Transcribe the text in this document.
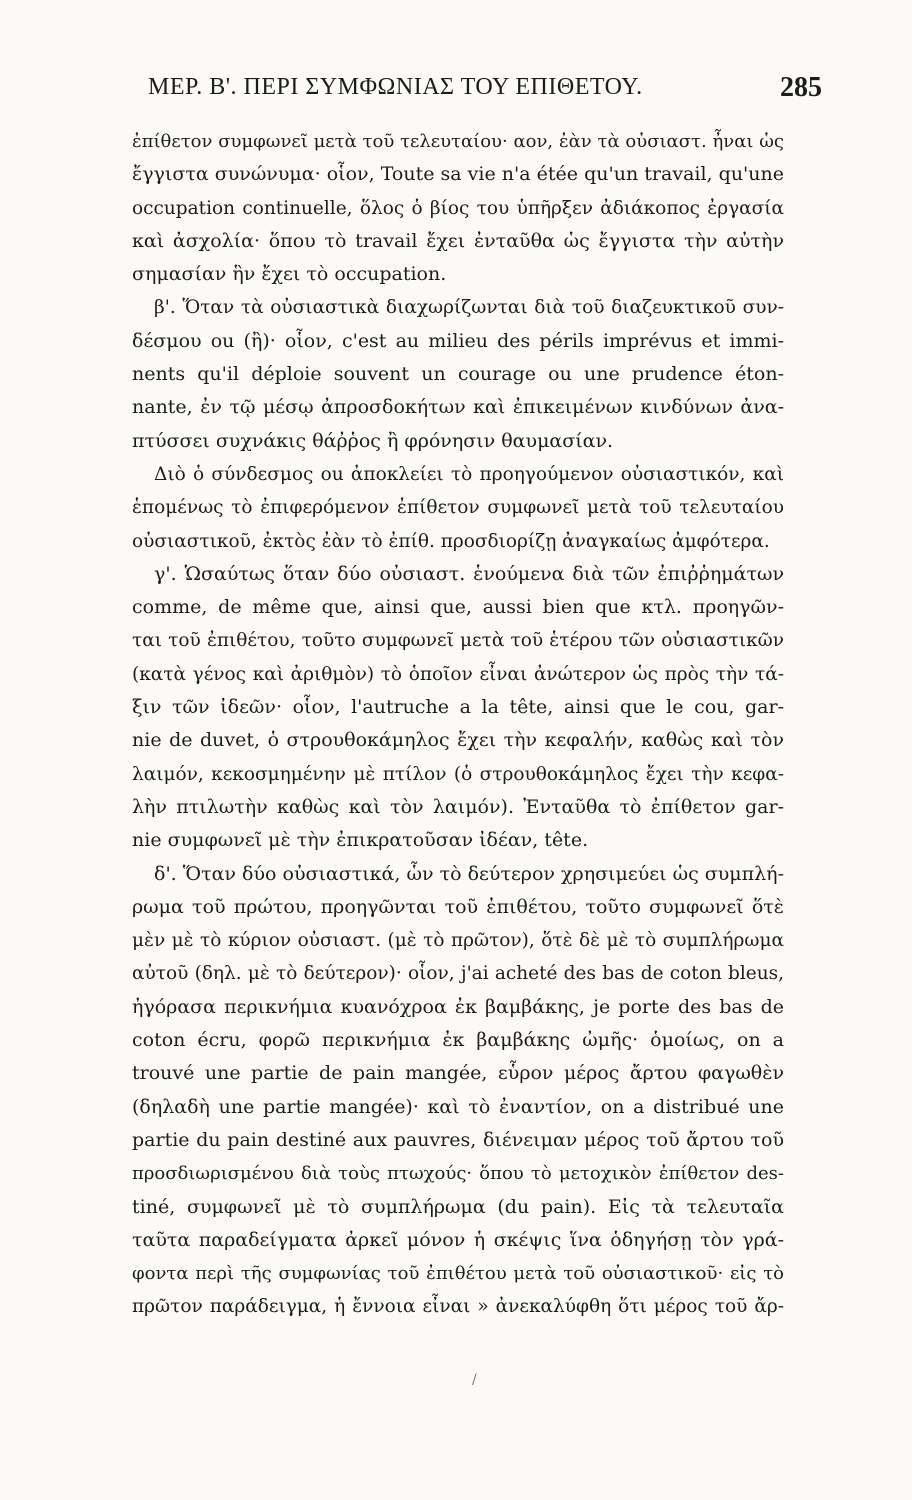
ΜΕΡ. Β'. ΠΕΡΙ ΣΥΜΦΩΝΙΑΣ ΤΟΥ ΕΠΙΘΕΤΟΥ.	285
ἐπίθετον συμφωνεῖ μετὰ τοῦ τελευταίου· αον, ἐὰν τὰ οὐσιαστ. ἦναι ὡς
ἔγγιστα συνώνυμα· οἷον, Toute sa vie n'a étée qu'un travail, qu'une
occupation continuelle, ὅλος ὁ βίος του ὑπῆρξεν ἀδιάκοπος ἐργασία
καὶ ἀσχολία· ὅπου τὸ travail ἔχει ἐνταῦθα ὡς ἔγγιστα τὴν αὐτὴν
σημασίαν ἣν ἔχει τὸ occupation.
β'. Ὅταν τὰ οὐσιαστικὰ διαχωρίζωνται διὰ τοῦ διαζευκτικοῦ συν-
δέσμου ou (ἢ)· οἷον, c'est au milieu des périls imprévus et immi-
nents qu'il déploie souvent un courage ou une prudence éton-
nante, ἐν τῷ μέσῳ ἀπροσδοκήτων καὶ ἐπικειμένων κινδύνων ἀνα-
πτύσσει συχνάκις θάῤῥος ἢ φρόνησιν θαυμασίαν.
Διὸ ὁ σύνδεσμος ou ἀποκλείει τὸ προηγούμενον οὐσιαστικόν, καὶ
ἑπομένως τὸ ἐπιφερόμενον ἐπίθετον συμφωνεῖ μετὰ τοῦ τελευταίου
οὐσιαστικοῦ, ἐκτὸς ἐὰν τὸ ἐπίθ. προσδιορίζῃ ἀναγκαίως ἀμφότερα.
γ'. Ὡσαύτως ὅταν δύο οὐσιαστ. ἑνούμενα διὰ τῶν ἐπιῤῥημάτων
comme, de même que, ainsi que, aussi bien que κτλ. προηγῶν-
ται τοῦ ἐπιθέτου, τοῦτο συμφωνεῖ μετὰ τοῦ ἑτέρου τῶν οὐσιαστικῶν
(κατὰ γένος καὶ ἀριθμὸν) τὸ ὁποῖον εἶναι ἀνώτερον ὡς πρὸς τὴν τά-
ξιν τῶν ἰδεῶν· οἷον, l'autruche a la tête, ainsi que le cou, gar-
nie de duvet, ὁ στρουθοκάμηλος ἔχει τὴν κεφαλήν, καθὼς καὶ τὸν
λαιμόν, κεκοσμημένην μὲ πτίλον (ὁ στρουθοκάμηλος ἔχει τὴν κεφα-
λὴν πτιλωτὴν καθὼς καὶ τὸν λαιμόν). Ἐνταῦθα τὸ ἐπίθετον gar-
nie συμφωνεῖ μὲ τὴν ἐπικρατοῦσαν ἰδέαν, tête.
δ'. Ὅταν δύο οὐσιαστικά, ὧν τὸ δεύτερον χρησιμεύει ὡς συμπλή-
ρωμα τοῦ πρώτου, προηγῶνται τοῦ ἐπιθέτου, τοῦτο συμφωνεῖ ὅτὲ
μὲν μὲ τὸ κύριον οὐσιαστ. (μὲ τὸ πρῶτον), ὅτὲ δὲ μὲ τὸ συμπλήρωμα
αὐτοῦ (δηλ. μὲ τὸ δεύτερον)· οἷον, j'ai acheté des bas de coton bleus,
ἠγόρασα περικνήμια κυανόχροα ἐκ βαμβάκης, je porte des bas de
coton écru, φορῶ περικνήμια ἐκ βαμβάκης ὠμῆς· ὁμοίως, on a
trouvé une partie de pain mangée, εὗρον μέρος ἄρτου φαγωθὲν
(δηλαδὴ une partie mangée)· καὶ τὸ ἐναντίον, on a distribué une
partie du pain destiné aux pauvres, διένειμαν μέρος τοῦ ἄρτου τοῦ
προσδιωρισμένου διὰ τοὺς πτωχούς· ὅπου τὸ μετοχικὸν ἐπίθετον des-
tiné, συμφωνεῖ μὲ τὸ συμπλήρωμα (du pain). Εἰς τὰ τελευταῖα
ταῦτα παραδείγματα ἀρκεῖ μόνον ἡ σκέψις ἵνα ὁδηγήσῃ τὸν γρά-
φοντα περὶ τῆς συμφωνίας τοῦ ἐπιθέτου μετὰ τοῦ οὐσιαστικοῦ· εἰς τὸ
πρῶτον παράδειγμα, ἡ ἔννοια εἶναι » ἀνεκαλύφθη ὅτι μέρος τοῦ ἄρ-
/
